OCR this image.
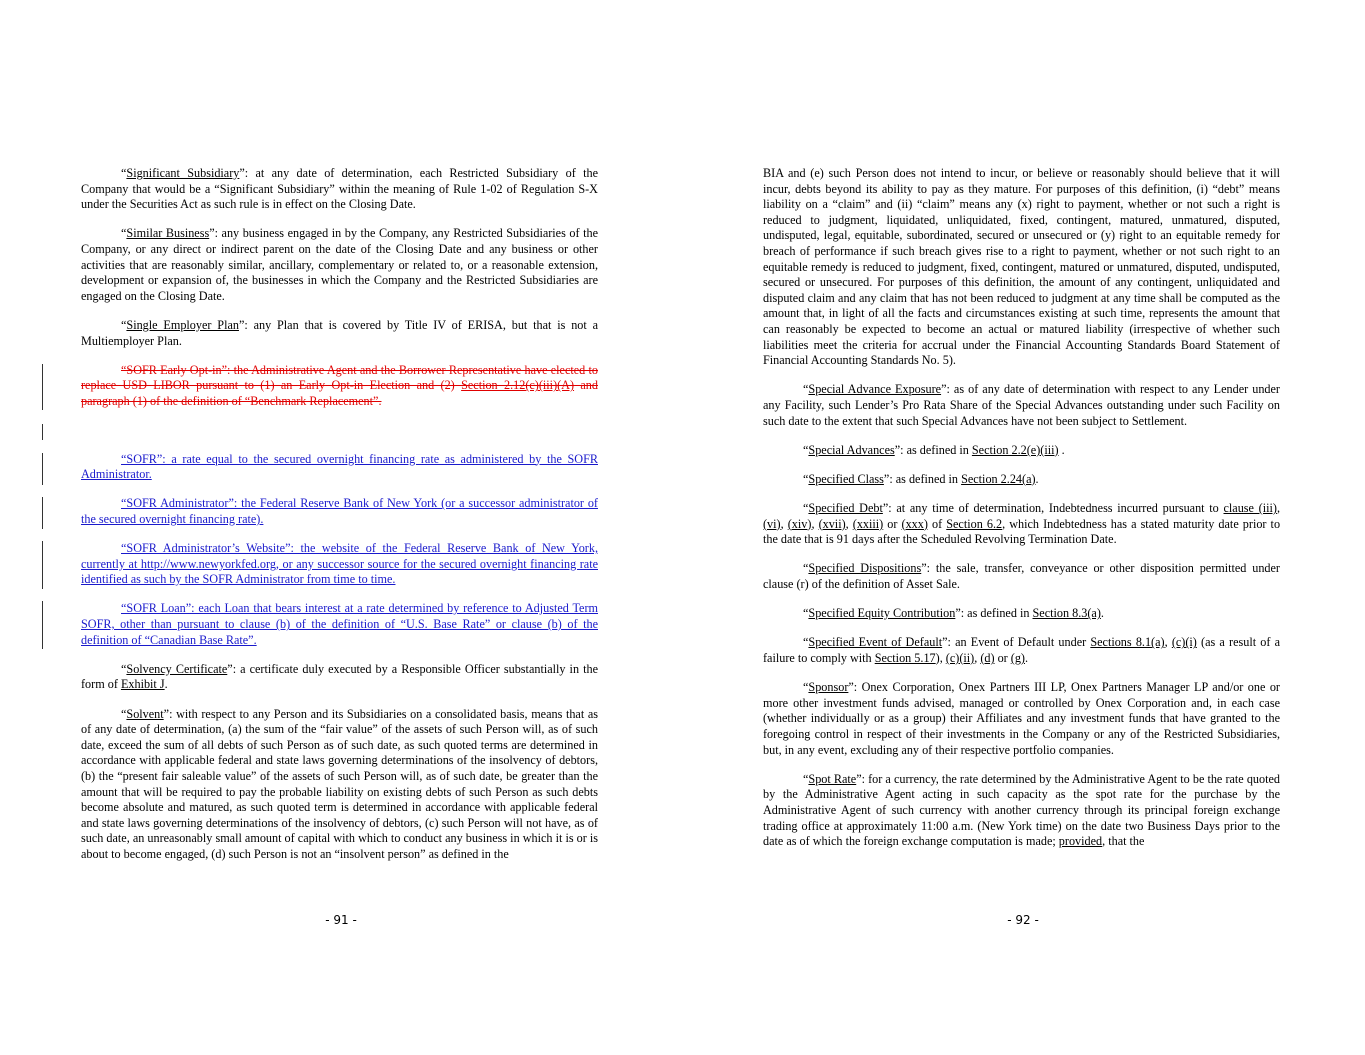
“Significant Subsidiary”: at any date of determination, each Restricted Subsidiary of the Company that would be a “Significant Subsidiary” within the meaning of Rule 1-02 of Regulation S-X under the Securities Act as such rule is in effect on the Closing Date.

“Similar Business”: any business engaged in by the Company, any Restricted Subsidiaries of the Company, or any direct or indirect parent on the date of the Closing Date and any business or other activities that are reasonably similar, ancillary, complementary or related to, or a reasonable extension, development or expansion of, the businesses in which the Company and the Restricted Subsidiaries are engaged on the Closing Date.

“Single Employer Plan”: any Plan that is covered by Title IV of ERISA, but that is not a Multiemployer Plan.

“SOFR Early Opt-in”: the Administrative Agent and the Borrower Representative have elected to replace USD LIBOR pursuant to (1) an Early Opt-in Election and (2) Section 2.12(c)(iii)(A) and paragraph (1) of the definition of “Benchmark Replacement”.

“SOFR”: a rate equal to the secured overnight financing rate as administered by the SOFR Administrator.

“SOFR Administrator”: the Federal Reserve Bank of New York (or a successor administrator of the secured overnight financing rate).

“SOFR Administrator’s Website”: the website of the Federal Reserve Bank of New York, currently at http://www.newyorkfed.org, or any successor source for the secured overnight financing rate identified as such by the SOFR Administrator from time to time.

“SOFR Loan”: each Loan that bears interest at a rate determined by reference to Adjusted Term SOFR, other than pursuant to clause (b) of the definition of “U.S. Base Rate” or clause (b) of the definition of “Canadian Base Rate”.

“Solvency Certificate”: a certificate duly executed by a Responsible Officer substantially in the form of Exhibit J.

“Solvent”: with respect to any Person and its Subsidiaries on a consolidated basis, means that as of any date of determination, (a) the sum of the “fair value” of the assets of such Person will, as of such date, exceed the sum of all debts of such Person as of such date, as such quoted terms are determined in accordance with applicable federal and state laws governing determinations of the insolvency of debtors, (b) the “present fair saleable value” of the assets of such Person will, as of such date, be greater than the amount that will be required to pay the probable liability on existing debts of such Person as such debts become absolute and matured, as such quoted term is determined in accordance with applicable federal and state laws governing determinations of the insolvency of debtors, (c) such Person will not have, as of such date, an unreasonably small amount of capital with which to conduct any business in which it is or is about to become engaged, (d) such Person is not an “insolvent person” as defined in the

- 91 -

BIA and (e) such Person does not intend to incur, or believe or reasonably should believe that it will incur, debts beyond its ability to pay as they mature. For purposes of this definition, (i) “debt” means liability on a “claim” and (ii) “claim” means any (x) right to payment, whether or not such a right is reduced to judgment, liquidated, unliquidated, fixed, contingent, matured, unmatured, disputed, undisputed, legal, equitable, subordinated, secured or unsecured or (y) right to an equitable remedy for breach of performance if such breach gives rise to a right to payment, whether or not such right to an equitable remedy is reduced to judgment, fixed, contingent, matured or unmatured, disputed, undisputed, secured or unsecured. For purposes of this definition, the amount of any contingent, unliquidated and disputed claim and any claim that has not been reduced to judgment at any time shall be computed as the amount that, in light of all the facts and circumstances existing at such time, represents the amount that can reasonably be expected to become an actual or matured liability (irrespective of whether such liabilities meet the criteria for accrual under the Financial Accounting Standards Board Statement of Financial Accounting Standards No. 5).

“Special Advance Exposure”: as of any date of determination with respect to any Lender under any Facility, such Lender’s Pro Rata Share of the Special Advances outstanding under such Facility on such date to the extent that such Special Advances have not been subject to Settlement.

“Special Advances”: as defined in Section 2.2(e)(iii) .

“Specified Class”: as defined in Section 2.24(a).

“Specified Debt”: at any time of determination, Indebtedness incurred pursuant to clause (iii), (vi), (xiv), (xvii), (xxiii) or (xxx) of Section 6.2, which Indebtedness has a stated maturity date prior to the date that is 91 days after the Scheduled Revolving Termination Date.

“Specified Dispositions”: the sale, transfer, conveyance or other disposition permitted under clause (r) of the definition of Asset Sale.

“Specified Equity Contribution”: as defined in Section 8.3(a).

“Specified Event of Default”: an Event of Default under Sections 8.1(a), (c)(i) (as a result of a failure to comply with Section 5.17), (c)(ii), (d) or (g).

“Sponsor”: Onex Corporation, Onex Partners III LP, Onex Partners Manager LP and/or one or more other investment funds advised, managed or controlled by Onex Corporation and, in each case (whether individually or as a group) their Affiliates and any investment funds that have granted to the foregoing control in respect of their investments in the Company or any of the Restricted Subsidiaries, but, in any event, excluding any of their respective portfolio companies.

“Spot Rate”: for a currency, the rate determined by the Administrative Agent to be the rate quoted by the Administrative Agent acting in such capacity as the spot rate for the purchase by the Administrative Agent of such currency with another currency through its principal foreign exchange trading office at approximately 11:00 a.m. (New York time) on the date two Business Days prior to the date as of which the foreign exchange computation is made; provided, that the

- 92 -
